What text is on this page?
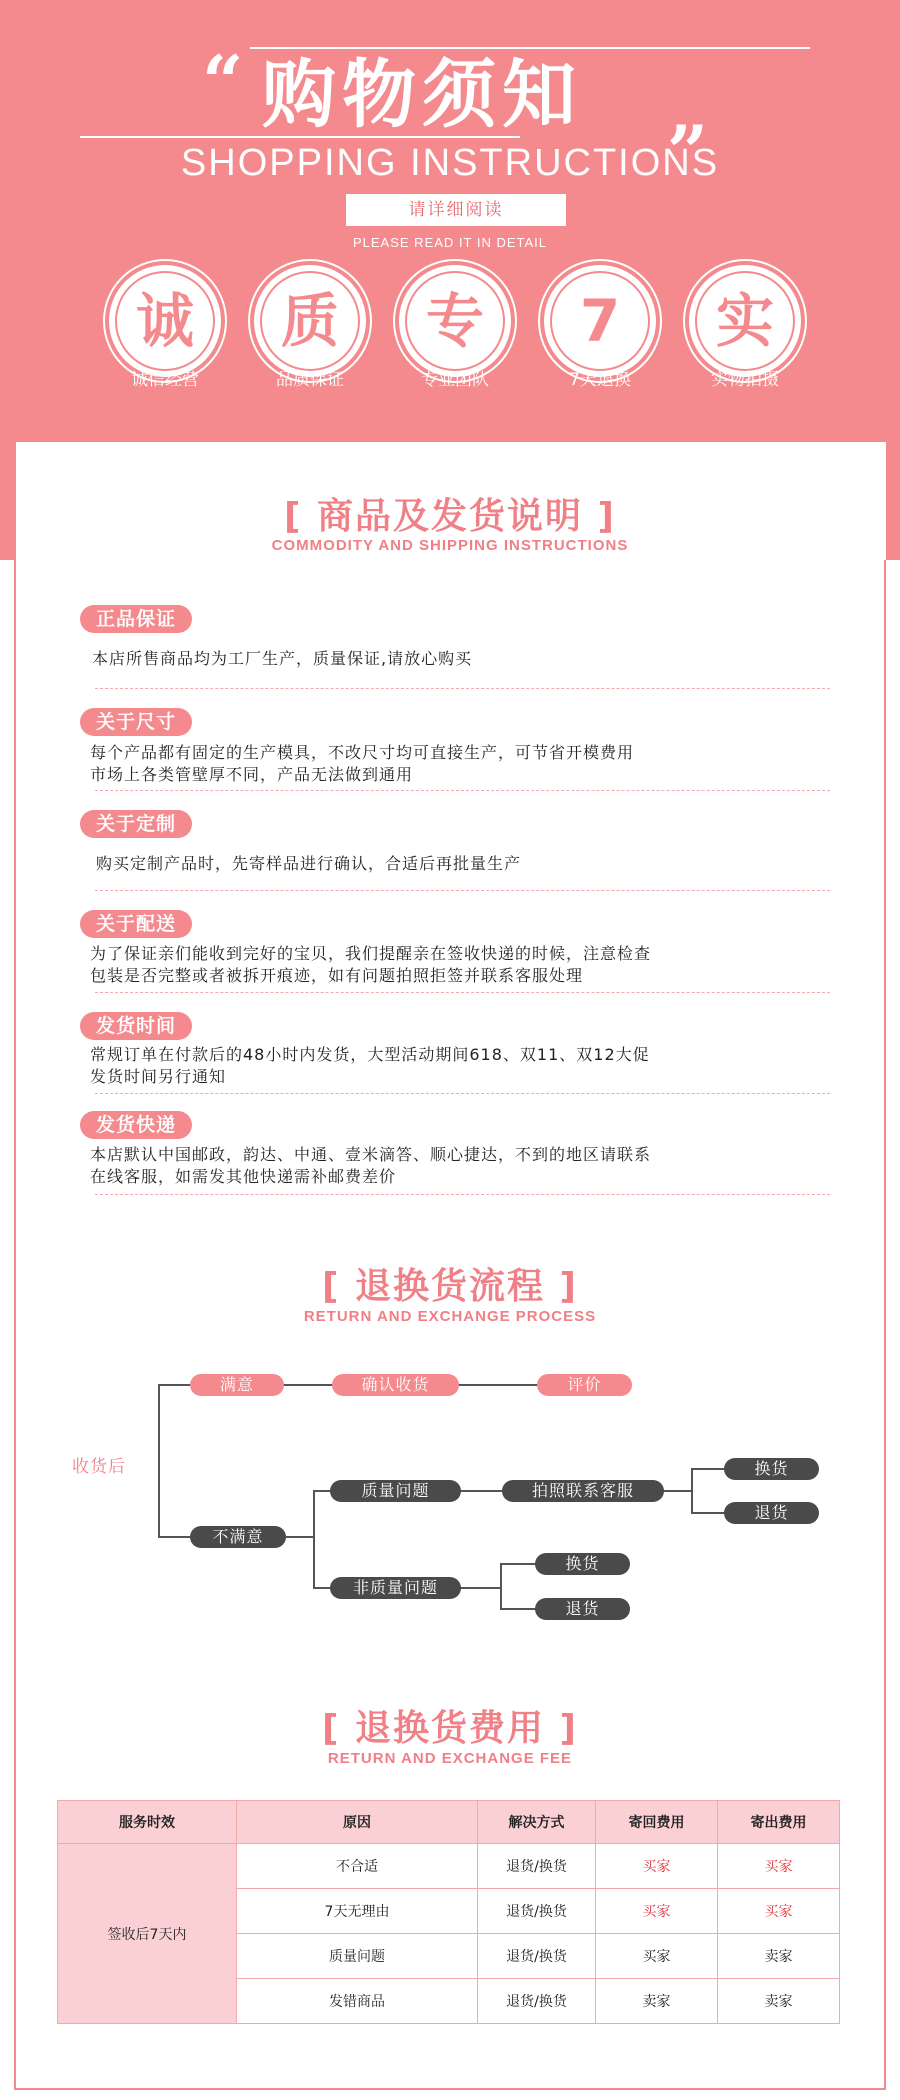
“ 购物须知	„
SHOPPING INSTRUCTIONS
请详细阅读
PLEASE READ IT IN DETAIL
诚
诚信经营
质
品质保证
专
专业团队
7
7天退换
实
实物拍摄
[ 商品及发货说明 ]
COMMODITY AND SHIPPING INSTRUCTIONS
正品保证
本店所售商品均为工厂生产，质量保证,请放心购买
关于尺寸
每个产品都有固定的生产模具，不改尺寸均可直接生产，可节省开模费用
市场上各类管壁厚不同，产品无法做到通用
关于定制
购买定制产品时，先寄样品进行确认，合适后再批量生产
关于配送
为了保证亲们能收到完好的宝贝，我们提醒亲在签收快递的时候，注意检查
包装是否完整或者被拆开痕迹，如有问题拍照拒签并联系客服处理
发货时间
常规订单在付款后的48小时内发货，大型活动期间618、双11、双12大促
发货时间另行通知
发货快递
本店默认中国邮政，韵达、中通、壹米滴答、顺心捷达，不到的地区请联系
在线客服，如需发其他快递需补邮费差价
[ 退换货流程 ]
RETURN AND EXCHANGE PROCESS
收货后
满意	确认收货	评价
不满意
质量问题	拍照联系客服
换货
退货
非质量问题
换货
退货
[ 退换货费用 ]
RETURN AND EXCHANGE FEE
服务时效	原因	解决方式	寄回费用	寄出费用
签收后7天内	不合适	退货/换货	买家	买家
	7天无理由	退货/换货	买家	买家
	质量问题	退货/换货	买家	卖家
	发错商品	退货/换货	卖家	卖家
